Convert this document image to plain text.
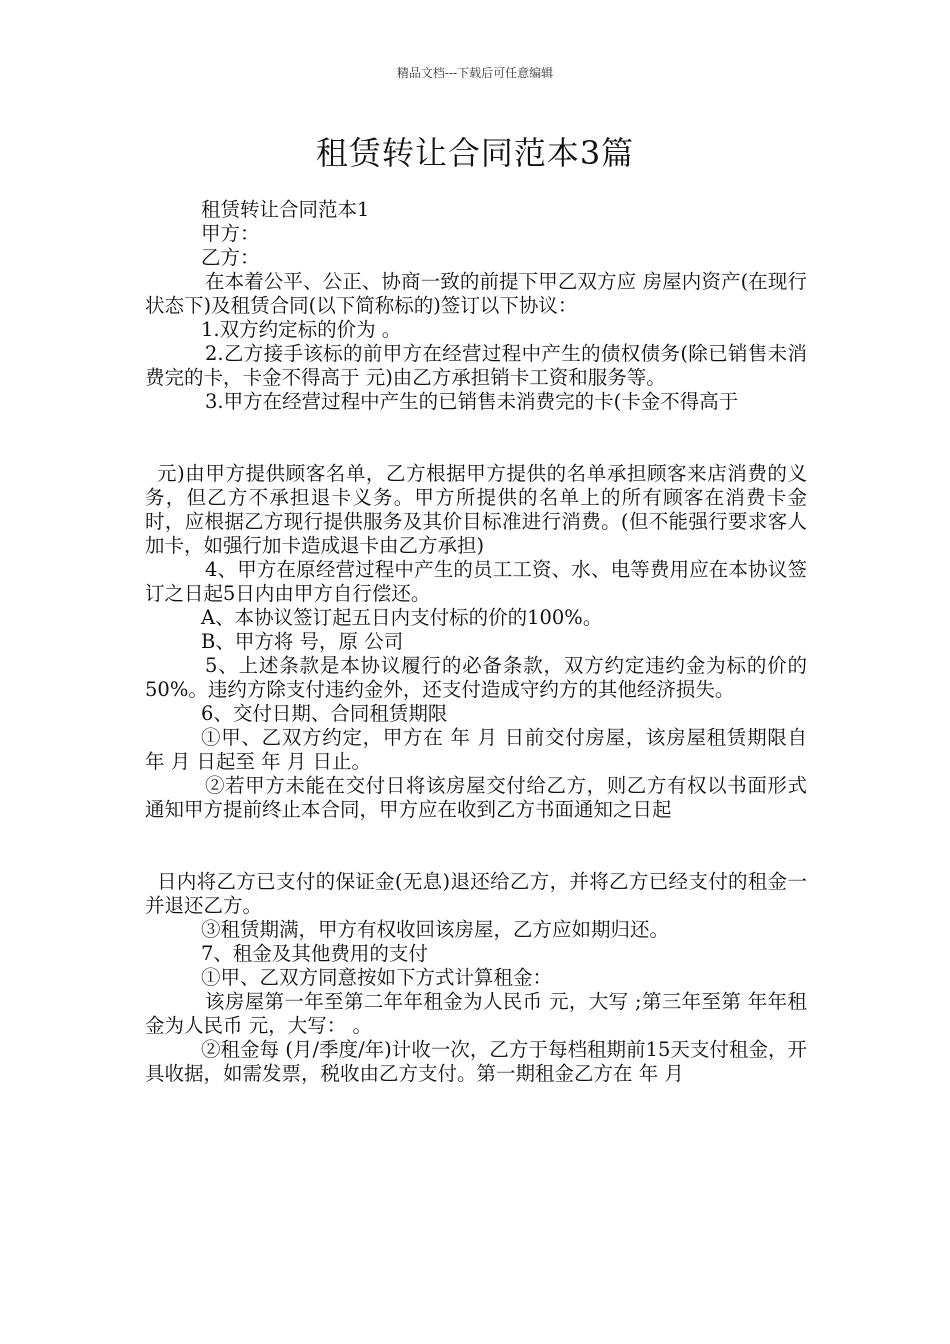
精品文档---下载后可任意编辑
租赁转让合同范本3篇

租赁转让合同范本1

甲方：

乙方：

在本着公平、公正、协商一致的前提下甲乙双方应 房屋内资产(在现行状态下)及租赁合同(以下简称标的)签订以下协议：

1.双方约定标的价为 。

2.乙方接手该标的前甲方在经营过程中产生的债权债务(除已销售未消费完的卡，卡金不得高于 元)由乙方承担销卡工资和服务等。

3.甲方在经营过程中产生的已销售未消费完的卡(卡金不得高于

元)由甲方提供顾客名单，乙方根据甲方提供的名单承担顾客来店消费的义务，但乙方不承担退卡义务。甲方所提供的名单上的所有顾客在消费卡金时，应根据乙方现行提供服务及其价目标准进行消费。(但不能强行要求客人加卡，如强行加卡造成退卡由乙方承担)

4、甲方在原经营过程中产生的员工工资、水、电等费用应在本协议签订之日起5日内由甲方自行偿还。

A、本协议签订起五日内支付标的价的100%。

B、甲方将 号，原 公司

5、上述条款是本协议履行的必备条款，双方约定违约金为标的价的50%。违约方除支付违约金外，还支付造成守约方的其他经济损失。

6、交付日期、合同租赁期限

①甲、乙双方约定，甲方在 年 月 日前交付房屋，该房屋租赁期限自 年 月 日起至 年 月 日止。

②若甲方未能在交付日将该房屋交付给乙方，则乙方有权以书面形式通知甲方提前终止本合同，甲方应在收到乙方书面通知之日起

日内将乙方已支付的保证金(无息)退还给乙方，并将乙方已经支付的租金一并退还乙方。

③租赁期满，甲方有权收回该房屋，乙方应如期归还。

7、租金及其他费用的支付

①甲、乙双方同意按如下方式计算租金：

该房屋第一年至第二年年租金为人民币 元，大写 ;第三年至第 年年租金为人民币 元，大写： 。

②租金每 (月/季度/年)计收一次，乙方于每档租期前15天支付租金，开具收据，如需发票，税收由乙方支付。第一期租金乙方在 年 月
